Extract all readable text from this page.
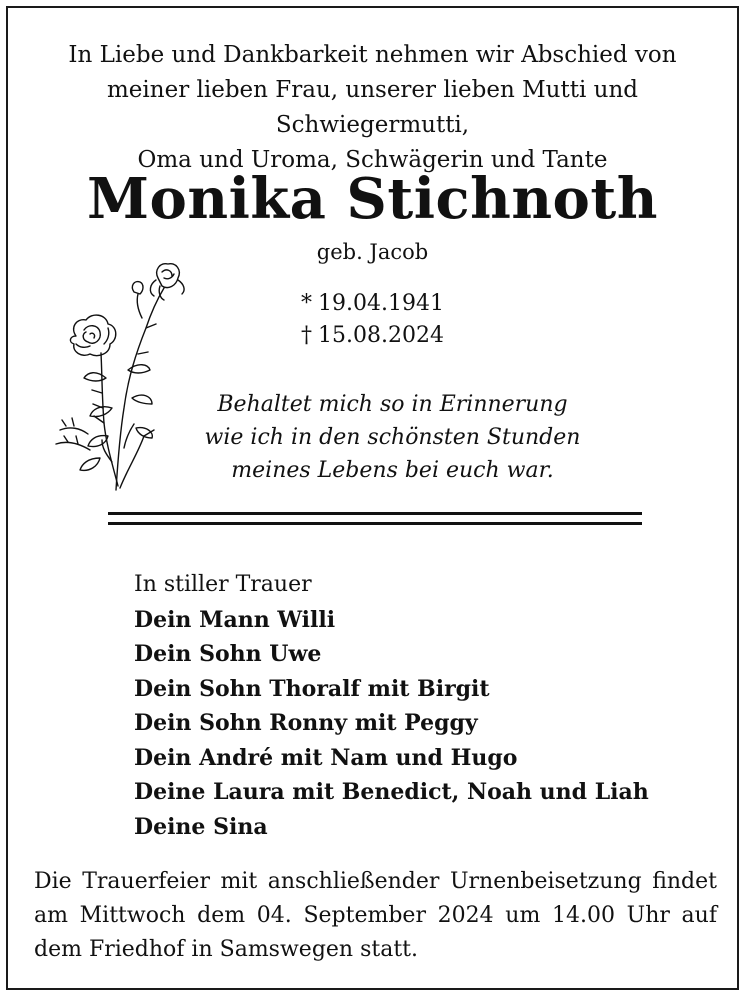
In Liebe und Dankbarkeit nehmen wir Abschied von
meiner lieben Frau, unserer lieben Mutti und Schwiegermutti,
Oma und Uroma, Schwägerin und Tante
Monika Stichnoth
geb. Jacob
* 19.04.1941
† 15.08.2024
Behaltet mich so in Erinnerung
wie ich in den schönsten Stunden
meines Lebens bei euch war.
In stiller Trauer
Dein Mann Willi
Dein Sohn Uwe
Dein Sohn Thoralf mit Birgit
Dein Sohn Ronny mit Peggy
Dein André mit Nam und Hugo
Deine Laura mit Benedict, Noah und Liah
Deine Sina
Die Trauerfeier mit anschließender Urnenbeisetzung findet am Mittwoch dem 04. September 2024 um 14.00 Uhr auf dem Friedhof in Samswegen statt.
